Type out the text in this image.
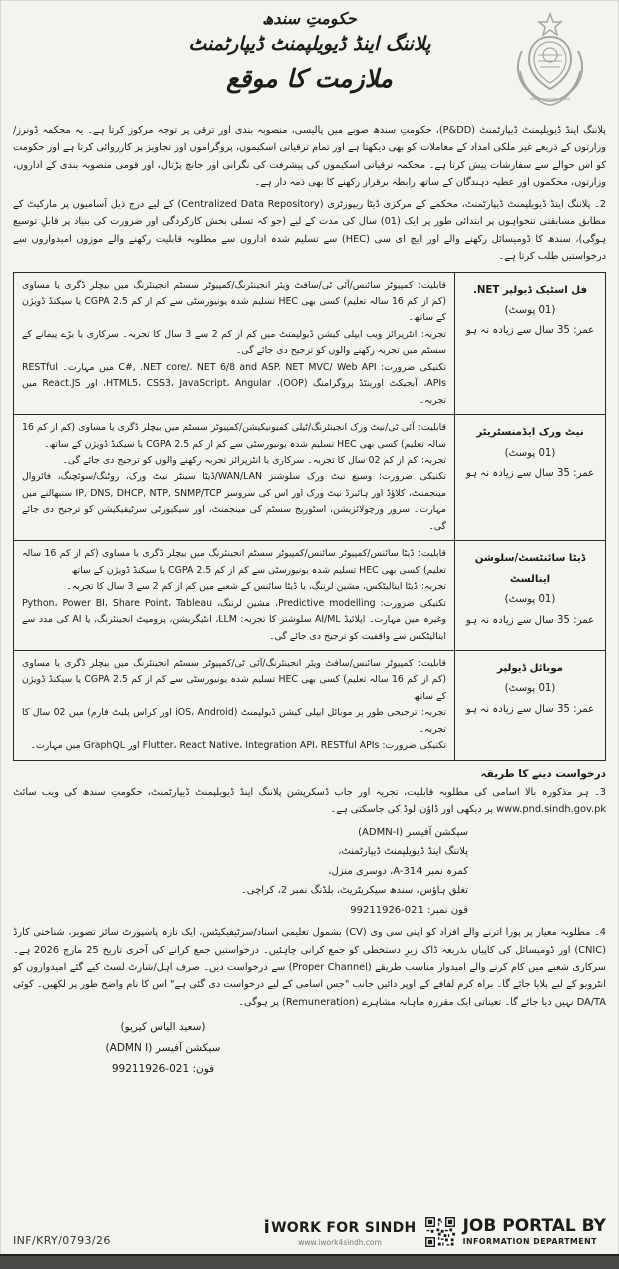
حکومتِ سندھ
پلاننگ اینڈ ڈیویلپمنٹ ڈیپارٹمنٹ
ملازمت کا موقع
پلاننگ اینڈ ڈیویلپمنٹ ڈیپارٹمنٹ (P&DD)، حکومتِ سندھ صوبے میں پالیسی، منصوبہ بندی اور ترقی پر توجہ مرکوز کرتا ہے۔ یہ محکمہ ڈونرز/وزارتوں کے ذریعے غیر ملکی امداد کے معاملات کو بھی دیکھتا ہے اور تمام ترقیاتی اسکیموں، پروگراموں اور تجاویز پر کارروائی کرتا ہے اور حکومت کو اس حوالے سے سفارشات پیش کرتا ہے۔ محکمہ ترقیاتی اسکیموں کی پیشرفت کی نگرانی اور جانچ پڑتال، اور قومی منصوبہ بندی کے اداروں، وزارتوں، محکموں اور عطیہ دہندگان کے ساتھ رابطہ برقرار رکھنے کا بھی ذمہ دار ہے۔
2۔ پلاننگ اینڈ ڈیویلپمنٹ ڈیپارٹمنٹ، محکمے کے مرکزی ڈیٹا ریپوزٹری (Centralized Data Repository) کے لیے درج ذیل آسامیوں پر مارکیٹ کے مطابق مسابقتی تنخواہوں پر ابتدائی طور پر ایک (01) سال کی مدت کے لیے (جو کہ تسلی بخش کارکردگی اور ضرورت کی بنیاد پر قابلِ توسیع ہوگی)، سندھ کا ڈومیسائل رکھنے والے اور ایچ ای سی (HEC) سے تسلیم شدہ اداروں سے مطلوبہ قابلیت رکھنے والے موزوں امیدواروں سے درخواستیں طلب کرتا ہے۔
فل اسٹیک ڈیولپر ‎.NET
(01 پوسٹ)
عمر: 35 سال سے زیادہ نہ ہو
قابلیت: کمپیوٹر سائنس/آئی ٹی/سافٹ ویئر انجینئرنگ/کمپیوٹر سسٹم انجینئرنگ میں بیچلر ڈگری یا مساوی (کم از کم 16 سالہ تعلیم) کسی بھی HEC تسلیم شدہ یونیورسٹی سے کم از کم CGPA 2.5 یا سیکنڈ ڈویژن کے ساتھ۔
تجربہ: انٹرپرائز ویب ایپلی کیشن ڈیولپمنٹ میں کم از کم 2 سے 3 سال کا تجربہ۔ سرکاری یا بڑے پیمانے کے سسٹم میں تجربہ رکھنے والوں کو ترجیح دی جائے گی۔
تکنیکی ضرورت: ‎C#, .NET core/. NET 6/8 and ASP. NET MVC/ Web API میں مہارت۔ RESTful APIs، آبجیکٹ اورینٹڈ پروگرامنگ (OOP)، HTML5، CSS3، JavaScript، Angular، اور React.JS میں تجربہ۔
نیٹ ورک ایڈمنسٹریٹر
(01 پوسٹ)
عمر: 35 سال سے زیادہ نہ ہو
قابلیت: آئی ٹی/نیٹ ورک انجینئرنگ/ٹیلی کمیونیکیشن/کمپیوٹر سسٹم میں بیچلر ڈگری یا مساوی (کم از کم 16 سالہ تعلیم) کسی بھی HEC تسلیم شدہ یونیورسٹی سے کم از کم CGPA 2.5 یا سیکنڈ ڈویژن کے ساتھ۔
تجربہ: کم از کم 02 سال کا تجربہ۔ سرکاری یا انٹرپرائز تجربہ رکھنے والوں کو ترجیح دی جائے گی۔
تکنیکی ضرورت: وسیع نیٹ ورک سلوشنز WAN/LAN/ڈیٹا سینٹر نیٹ ورک، روٹنگ/سوئچنگ، فائروال مینجمنٹ، کلاؤڈ اور ہائبرڈ نیٹ ورک اور اس کی سروسز ‎IP, DNS, DHCP, NTP, SNMP/TCP سنبھالنے میں مہارت۔ سرور ورچولائزیشن، اسٹوریج سسٹم کی مینجمنٹ، اور سیکیورٹی سرٹیفیکیشن کو ترجیح دی جائے گی۔
ڈیٹا سائنٹسٹ/سلوشن اینالسٹ
(01 پوسٹ)
عمر: 35 سال سے زیادہ نہ ہو
قابلیت: ڈیٹا سائنس/کمپیوٹر سائنس/کمپیوٹر سسٹم انجینئرنگ میں بیچلر ڈگری یا مساوی (کم از کم 16 سالہ تعلیم) کسی بھی HEC تسلیم شدہ یونیورسٹی سے کم از کم CGPA 2.5 یا سیکنڈ ڈویژن کے ساتھ
تجربہ: ڈیٹا اینالیٹکس، مشین لرننگ، یا ڈیٹا سائنس کے شعبے میں کم از کم 2 سے 3 سال کا تجربہ۔
تکنیکی ضرورت: Predictive modelling، مشین لرننگ، Python، Power BI، Share Point، Tableau وغیرہ میں مہارت۔ اپلائیڈ AI/ML سلوشنز کا تجربہ: LLM، انٹیگریشن، پرومپٹ انجینئرنگ، یا AI کی مدد سے اینالیٹکس سے واقفیت کو ترجیح دی جائے گی۔
موبائل ڈیولپر
(01 پوسٹ)
عمر: 35 سال سے زیادہ نہ ہو
قابلیت: کمپیوٹر سائنس/سافٹ ویئر انجینئرنگ/آئی ٹی/کمپیوٹر سسٹم انجینئرنگ میں بیچلر ڈگری یا مساوی (کم از کم 16 سالہ تعلیم) کسی بھی HEC تسلیم شدہ یونیورسٹی سے کم از کم CGPA 2.5 یا سیکنڈ ڈویژن کے ساتھ
تجربہ: ترجیحی طور پر موبائل ایپلی کیشن ڈیولپمنٹ (iOS، Android اور کراس پلیٹ فارم) میں 02 سال کا تجربہ۔
تکنیکی ضرورت: Flutter، React Native، Integration API، RESTful APIs اور GraphQL میں مہارت۔
درخواست دینے کا طریقہ
3۔ ہر مذکورہ بالا اسامی کی مطلوبہ قابلیت، تجربہ اور جاب ڈسکرپشن پلاننگ اینڈ ڈیویلپمنٹ ڈیپارٹمنٹ، حکومتِ سندھ کی ویب سائٹ www.pnd.sindh.gov.pk پر دیکھی اور ڈاؤن لوڈ کی جاسکتی ہے۔
سیکشن آفیسر (ADMN-I)
پلاننگ اینڈ ڈیویلپمنٹ ڈیپارٹمنٹ،
کمرہ نمبر A-314، دوسری منزل،
تغلق ہاؤس، سندھ سیکریٹریٹ، بلڈنگ نمبر 2، کراچی۔
فون نمبر: 021-99211926
4۔ مطلوبہ معیار پر پورا اترنے والے افراد کو اپنی سی وی (CV) بشمول تعلیمی اسناد/سرٹیفیکیٹس، ایک تازہ پاسپورٹ سائز تصویر، شناختی کارڈ (CNIC) اور ڈومیسائل کی کاپیاں بذریعہ ڈاک زیرِ دستخطی کو جمع کرانی چاہئیں۔ درخواستیں جمع کرانے کی آخری تاریخ 25 مارچ 2026 ہے۔ سرکاری شعبے میں کام کرنے والے امیدوار مناسب طریقے (Proper Channel) سے درخواست دیں۔ صرف اہل/شارٹ لسٹ کیے گئے امیدواروں کو انٹرویو کے لیے بلایا جائے گا۔ براہ کرم لفافے کے اوپر دائیں جانب "جس اسامی کے لیے درخواست دی گئی ہے" اس کا نام واضح طور پر لکھیں۔ کوئی DA/TA نہیں دیا جائے گا۔ تعیناتی ایک مقررہ ماہانہ مشاہرے (Remuneration) پر ہوگی۔
(سعید الیاس کیریو)
سیکشن آفیسر (ADMN I)
فون: 021-99211926
INF/KRY/0793/26
i WORK FOR SINDH
www.iwork4sindh.com
JOB PORTAL BY
INFORMATION DEPARTMENT
